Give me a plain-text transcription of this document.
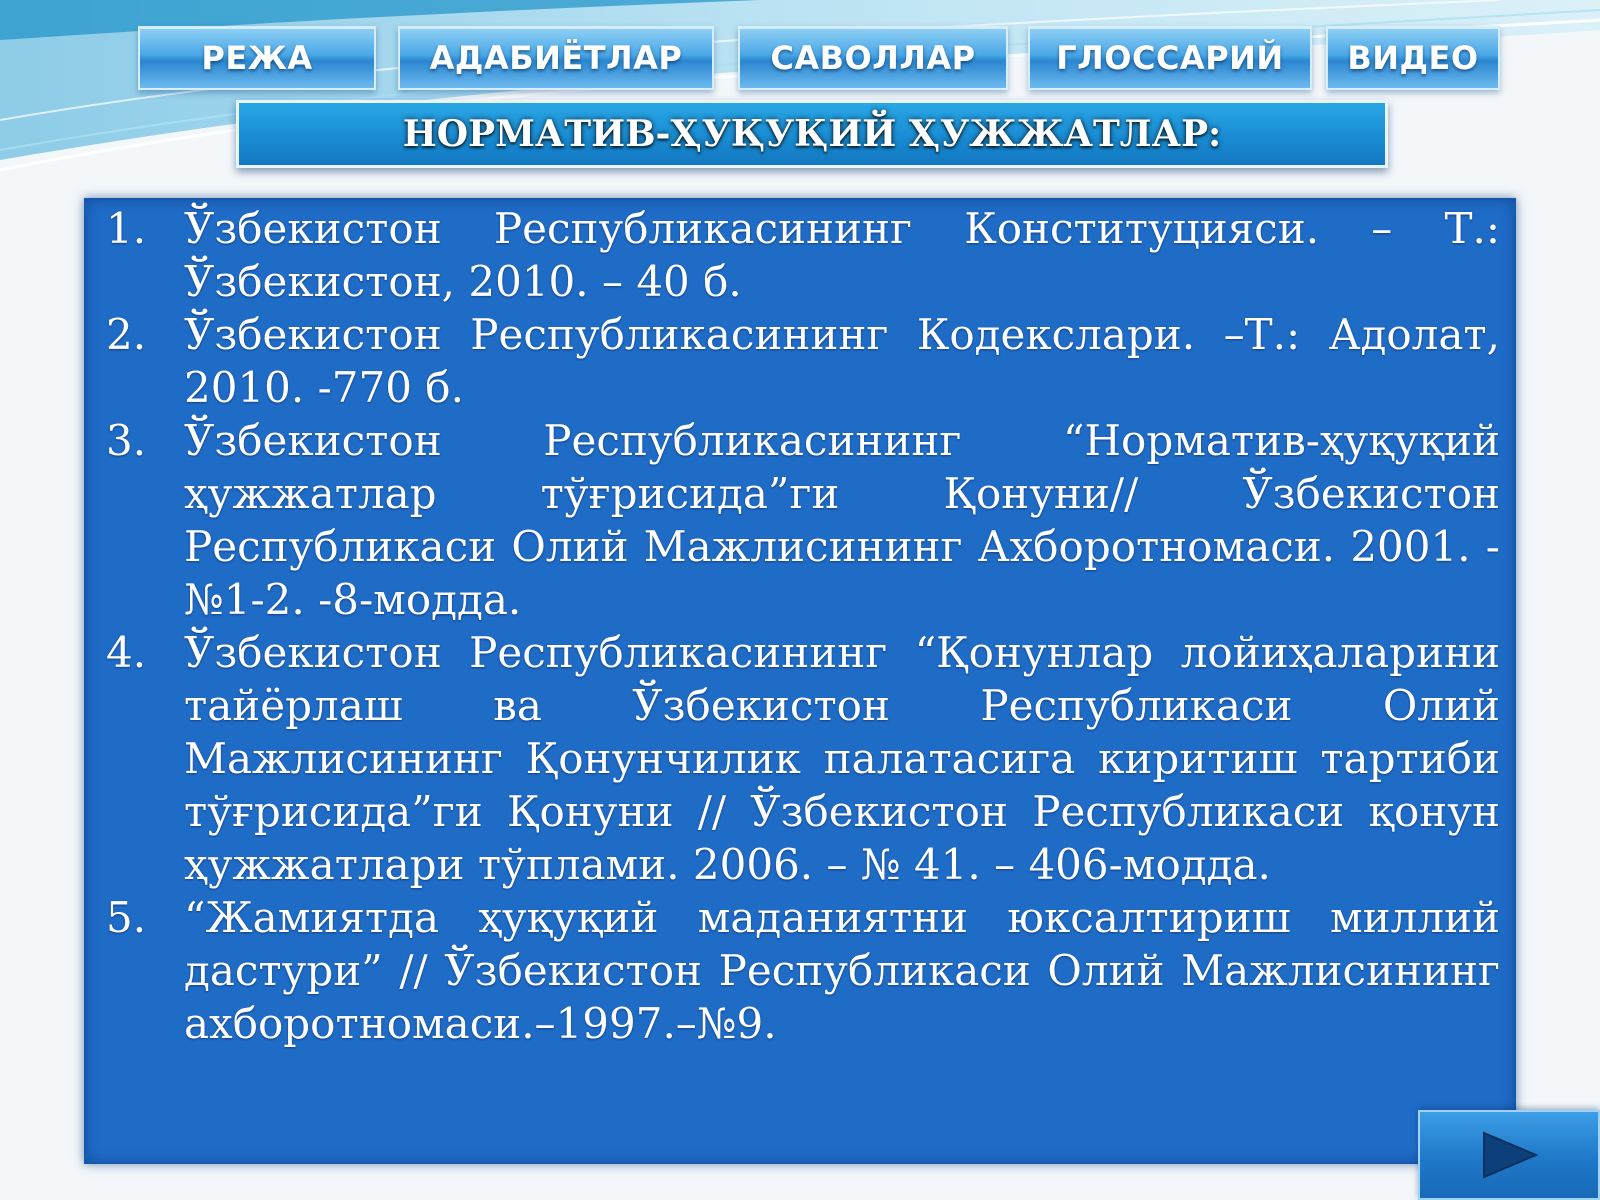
РЕЖА	АДАБИЁТЛАР	САВОЛЛАР	ГЛОССАРИЙ	ВИДЕО
НОРМАТИВ-ҲУҚУҚИЙ ҲУЖЖАТЛАР:
1. Ўзбекистон Республикасининг Конституцияси. – Т.: Ўзбекистон, 2010. – 40 б.
2. Ўзбекистон Республикасининг Кодекслари. –Т.: Адолат, 2010. -770 б.
3. Ўзбекистон Республикасининг “Норматив-ҳуқуқий ҳужжатлар тўғрисида”ги Қонуни// Ўзбекистон Республикаси Олий Мажлисининг Ахборотномаси. 2001. -№1-2. -8-модда.
4. Ўзбекистон Республикасининг “Қонунлар лойиҳаларини тайёрлаш ва Ўзбекистон Республикаси Олий Мажлисининг Қонунчилик палатасига киритиш тартиби тўғрисида”ги Қонуни // Ўзбекистон Республикаси қонун ҳужжатлари тўплами. 2006. – № 41. – 406-модда.
5. “Жамиятда ҳуқуқий маданиятни юксалтириш миллий дастури” // Ўзбекистон Республикаси Олий Мажлисининг ахборотномаси.–1997.–№9.
